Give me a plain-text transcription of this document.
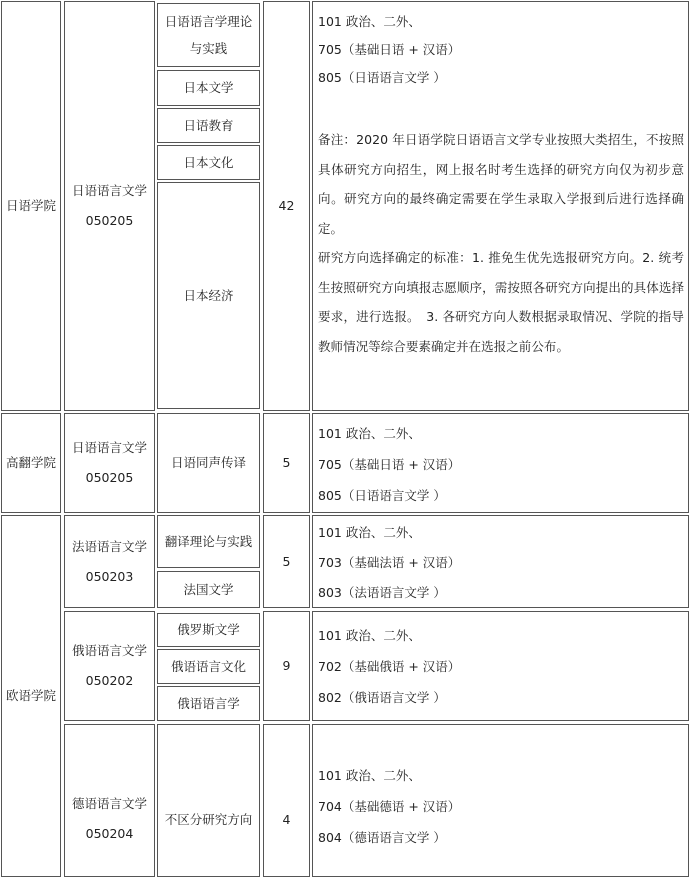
日语学院
日语语言文学
050205
日语语言学理论与实践
日本文学
日语教育
日本文化
日本经济
42
101 政治、二外、
705（基础日语 + 汉语）
805（日语语言文学 ）
备注：2020 年日语学院日语语言文学专业按照大类招生，不按照具体研究方向招生，网上报名时考生选择的研究方向仅为初步意向。研究方向的最终确定需要在学生录取入学报到后进行选择确定。
研究方向选择确定的标准：1. 推免生优先选报研究方向。2. 统考生按照研究方向填报志愿顺序，需按照各研究方向提出的具体选择要求，进行选报。　3. 各研究方向人数根据录取情况、学院的指导教师情况等综合要素确定并在选报之前公布。
高翻学院
日语语言文学
050205
日语同声传译	5
101 政治、二外、
705（基础日语 + 汉语）
805（日语语言文学 ）
欧语学院
法语语言文学
050203
翻译理论与实践
法国文学
5
101 政治、二外、
703（基础法语 + 汉语）
803（法语语言文学 ）
俄语语言文学
050202
俄罗斯文学
俄语语言文化
俄语语言学
9
101 政治、二外、
702（基础俄语 + 汉语）
802（俄语语言文学 ）
德语语言文学
050204
不区分研究方向 4
101 政治、二外、
704（基础德语 + 汉语）
804（德语语言文学 ）
